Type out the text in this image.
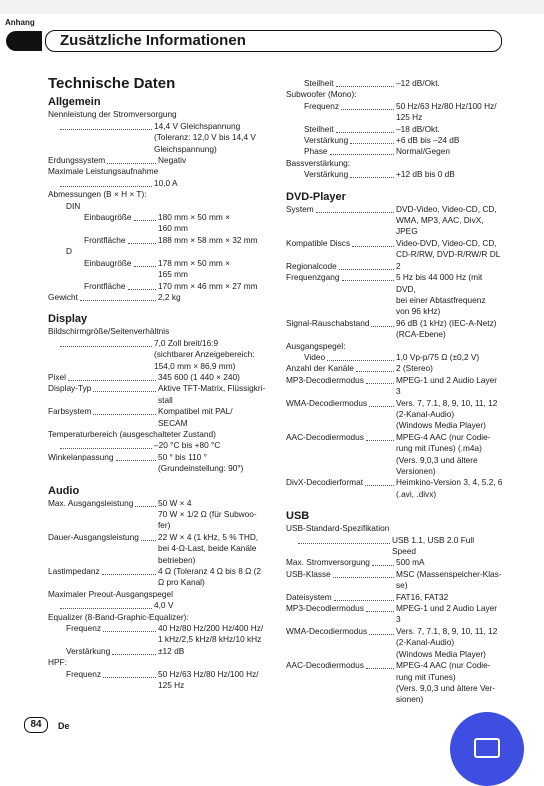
Anhang
Zusätzliche Informationen
Technische Daten
Allgemein
Nennleistung der Stromversorgung
14,4 V Gleichspannung
(Toleranz: 12,0 V bis 14,4 V
Gleichspannung)
Erdungssystem	Negativ
Maximale Leistungsaufnahme
10,0 A
Abmessungen (B × H × T):
DIN
Einbaugröße	180 mm × 50 mm ×
160 mm
Frontfläche	188 mm × 58 mm × 32 mm
D
Einbaugröße	178 mm × 50 mm ×
165 mm
Frontfläche	170 mm × 46 mm × 27 mm
Gewicht	2,2 kg
Display
Bildschirmgröße/Seitenverhältnis
7,0 Zoll breit/16:9
(sichtbarer Anzeigebereich:
154,0 mm × 86,9 mm)
Pixel	345 600 (1 440 × 240)
Display-Typ	Aktive TFT-Matrix, Flüssigkri-
stall
Farbsystem	Kompatibel mit PAL/
SECAM
Temperaturbereich (ausgeschalteter Zustand)
–20 °C bis +80 °C
Winkelanpassung	50 ° bis 110 °
(Grundeinstellung: 90°)
Audio
Max. Ausgangsleistung	50 W × 4
70 W × 1/2 Ω (für Subwoo-
fer)
Dauer-Ausgangsleistung 22 W × 4 (1 kHz, 5 % THD,
bei 4-Ω-Last, beide Kanäle
betrieben)
Lastimpedanz	4 Ω (Toleranz 4 Ω bis 8 Ω (2
Ω pro Kanal)
Maximaler Preout-Ausgangspegel
4,0 V
Equalizer (8-Band-Graphic-Equalizer):
Frequenz	40 Hz/80 Hz/200 Hz/400 Hz/
1 kHz/2,5 kHz/8 kHz/10 kHz
Verstärkung	±12 dB
HPF:
Frequenz	50 Hz/63 Hz/80 Hz/100 Hz/
125 Hz
Steilheit	–12 dB/Okt.
Subwoofer (Mono):
Frequenz	50 Hz/63 Hz/80 Hz/100 Hz/
125 Hz
Steilheit	–18 dB/Okt.
Verstärkung	+6 dB bis –24 dB
Phase	Normal/Gegen
Bassverstärkung:
Verstärkung	+12 dB bis 0 dB
DVD-Player
System	DVD-Video, Video-CD, CD,
WMA, MP3, AAC, DivX,
JPEG
Kompatible Discs	Video-DVD, Video-CD, CD,
CD-R/RW, DVD-R/RW/R DL
Regionalcode	2
Frequenzgang	5 Hz bis 44 000 Hz (mit DVD,
bei einer Abtastfrequenz
von 96 kHz)
Signal-Rauschabstand	96 dB (1 kHz) (IEC-A-Netz)
(RCA-Ebene)
Ausgangspegel:
Video	1,0 Vp-p/75 Ω (±0,2 V)
Anzahl der Kanäle	2 (Stereo)
MP3-Decodiermodus	MPEG-1 und 2 Audio Layer
3
WMA-Decodiermodus	Vers. 7, 7.1, 8, 9, 10, 11, 12
(2-Kanal-Audio)
(Windows Media Player)
AAC-Decodiermodus	MPEG-4 AAC (nur Codie-
rung mit iTunes) (.m4a)
(Vers. 9,0,3 und ältere
Versionen)
DivX-Decodierformat	Heimkino-Version 3, 4, 5.2, 6
(.avi, .divx)
USB
USB-Standard-Spezifikation
USB 1.1, USB 2.0 Full
Speed
Max. Stromversorgung	500 mA
USB-Klasse	MSC (Massenspeicher-Klas-
se)
Dateisystem	FAT16, FAT32
MP3-Decodiermodus	MPEG-1 und 2 Audio Layer
3
WMA-Decodiermodus	Vers. 7, 7.1, 8, 9, 10, 11, 12
(2-Kanal-Audio)
(Windows Media Player)
AAC-Decodiermodus	MPEG-4 AAC (nur Codie-
rung mit iTunes)
(Vers. 9,0,3 und ältere Ver-
sionen)
84	De
